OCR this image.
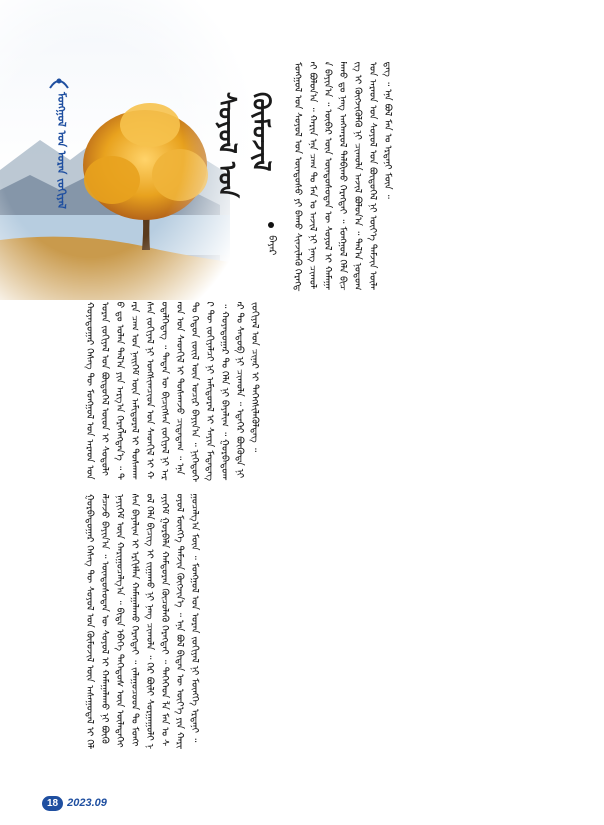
ᠮᠣᠩᠭᠣᠯ ᠤᠨ ᠤᠷᠠᠨ ᠵᠣᠬᠢᠶᠠᠯ	ᠰᠣᠶᠣᠯ ᠤᠨ ᠬᠥᠮᠦᠵᠢᠯ
ᠪᠠᠶᠠᠷ ᠮᠣᠩᠭᠣᠯ ᠤᠨ ᠰᠣᠶᠣᠯ ᠤᠨ ᠦᠨᠳᠦᠰᠦ ᠶᠢ ᠪᠠᠬᠤ ᠰᠢᠨᠵᠢᠯᠡᠬᠦ ᠬᠡᠷᠡᠭᠲᠡᠢ ᠪᠣᠯᠤᠨ᠎ᠠ ᠃ ᠬᠠᠷᠢᠨ ᠡᠨᠡ ᠴᠠᠭ ᠲᠤ ᠮᠠᠨ ᠤ ᠠᠵᠢᠯ ᠨᠢ ᠨᠡᠩ ᠴᠢᠬᠤᠯᠠ ᠪᠠᠶᠢᠨ᠎ᠠ ᠃ ᠥᠪᠡᠷ ᠦᠨ ᠦᠨᠳᠦᠰᠦᠲᠡᠨ ᠦ ᠰᠣᠶᠣᠯ ᠢ ᠬᠠᠮᠠᠭᠠᠯᠠᠬᠤ ᠳᠤ ᠨᠡᠩ ᠠᠩᠬᠠᠷᠤᠯ ᠲᠠᠯᠪᠢᠬᠤ ᠬᠡᠷᠡᠭᠲᠡᠢ ᠃ ᠮᠣᠩᠭᠣᠯ ᠬᠡᠯᠡ ᠪᠢᠴᠢᠭ ᠢ ᠬᠥᠭᠵᠢᠭᠦᠯᠬᠦ ᠨᠢ ᠴᠢᠬᠤᠯᠠ ᠠᠵᠢᠯ ᠪᠣᠯᠤᠨ᠎ᠠ ᠃ ᠲᠠᠯ᠎ᠠ ᠨᠤᠲᠤᠭ ᠤᠨ ᠠᠷᠠᠳ ᠤᠨ ᠰᠣᠶᠣᠯ ᠤᠨ ᠪᠦᠲᠦᠭᠡᠯ ᠨᠢ ᠦᠶ᠎ᠡ ᠳᠠᠮᠵᠢᠨ ᠦᠯᠡᠳᠡᠭ ᠃ ᠡᠨᠡ ᠪᠣᠯ ᠮᠠᠨ ᠤ ᠡᠷᠳᠡᠨᠢ ᠮᠥᠨ ᠃

ᠬᠣᠶᠠᠳᠤᠭᠠᠷ ᠬᠡᠰᠡᠭ ᠲᠦ ᠮᠣᠩᠭᠣᠯ ᠤᠨ ᠠᠷᠠᠳ ᠤᠨ ᠤᠷᠠᠨ ᠵᠣᠬᠢᠶᠠᠯ ᠤᠨ ᠪᠦᠲᠦᠭᠡᠯ ᠦᠳ ᠢ ᠰᠤᠳᠤᠯᠬᠤ ᠳᠤ ᠣᠯᠠᠨ ᠲᠠᠯ᠎ᠠ ᠶᠢᠨ ᠠᠷᠭ᠎ᠠ ᠬᠡᠷᠡᠭᠯᠡᠭᠳᠡᠨ᠎ᠡ ᠃ ᠲᠡᠷᠡ ᠴᠠᠭ ᠤᠨ ᠨᠡᠢᠭᠡᠮ ᠦᠨ ᠠᠮᠢᠳᠤᠷᠠᠯ ᠢ ᠲᠤᠰᠬᠠᠭᠰᠠᠨ ᠵᠣᠬᠢᠶᠠᠯ ᠨᠢ ᠤᠩᠰᠢᠭᠴᠢᠳ ᠤᠨ ᠰᠡᠳᠬᠢᠯ ᠢ ᠬᠥᠳᠡᠯᠭᠡᠳᠡᠭ ᠃ ᠲᠡᠳᠡᠨ ᠦ ᠪᠢᠴᠢᠭᠰᠡᠨ ᠵᠣᠬᠢᠶᠠᠯ ᠨᠢ ᠠᠷᠠᠳ ᠤᠨ ᠰᠡᠳᠬᠢᠯ ᠢ ᠲᠤᠰᠬᠠᠵᠤ ᠴᠢᠳᠠᠳᠠᠭ ᠃ ᠡᠨᠡ ᠲᠤ ᠬᠡᠳᠦᠨ ᠵᠦᠢᠯ ᠦᠨ ᠤᠴᠢᠷ ᠪᠠᠶᠢᠨ᠎ᠠ ᠃ ᠨᠢᠭᠡᠳᠦᠭᠡᠷ ᠲᠦ ᠵᠣᠬᠢᠶᠠᠯᠴᠢ ᠨᠢ ᠠᠮᠢᠳᠤᠷᠠᠯ ᠢ ᠰᠠᠶᠢᠨ ᠮᠡᠳᠡᠳᠡᠭ ᠃ ᠬᠣᠶᠠᠳᠤᠭᠠᠷ ᠲᠤ ᠬᠡᠯᠡ ᠨᠢ ᠪᠠᠶᠠᠯᠢᠭ ᠃ ᠭᠤᠷᠪᠠᠳᠤᠭᠠᠷ ᠲᠤ ᠰᠡᠳᠦᠪ ᠨᠢ ᠴᠢᠬᠤᠯᠠ ᠃ ᠡᠳᠡᠭᠡᠷ ᠪᠦᠭᠦᠳᠡ ᠨᠢ ᠵᠣᠬᠢᠶᠠᠯ ᠤᠨ ᠴᠢᠨᠠᠷ ᠢ ᠳᠡᠭᠡᠭᠰᠢᠯᠡᠭᠦᠯᠳᠡᠭ ᠃

ᠭᠤᠷᠪᠠᠳᠤᠭᠠᠷ ᠬᠡᠰᠡᠭ ᠲᠦ ᠰᠣᠶᠣᠯ ᠤᠨ ᠬᠥᠮᠦᠵᠢᠯ ᠦᠨ ᠠᠰᠠᠭᠤᠳᠠᠯ ᠢ ᠬᠡᠯᠡᠯᠴᠡᠵᠦ ᠪᠠᠶᠢᠨ᠎ᠠ ᠃ ᠦᠨᠳᠦᠰᠦᠲᠡᠨ ᠦ ᠰᠣᠶᠣᠯ ᠢ ᠬᠠᠮᠠᠭᠠᠯᠠᠬᠤ ᠨᠢ ᠪᠦᠬᠦ ᠨᠡᠶᠢᠭᠡᠮ ᠦᠨ ᠬᠠᠷᠢᠭᠤᠴᠠᠯᠭ᠎ᠠ ᠃ ᠪᠢᠳᠡ ᠡᠪᠡᠭᠡ ᠳᠡᠭᠡᠳᠦᠰ ᠦᠨ ᠦᠯᠡᠳᠡᠭᠡᠭᠰᠡᠨ ᠪᠠᠶᠠᠯᠢᠭ ᠢ ᠡᠷᠬᠢᠮᠯᠡᠨ ᠬᠠᠮᠠᠭᠠᠯᠠᠬᠤ ᠬᠡᠷᠡᠭᠲᠡᠢ ᠃ ᠵᠠᠯᠠᠭᠤᠴᠤᠳ ᠲᠤ ᠮᠣᠩᠭᠣᠯ ᠬᠡᠯᠡ ᠪᠢᠴᠢᠭ ᠢ ᠵᠢᠭᠠᠬᠤ ᠨᠢ ᠨᠡᠩ ᠴᠢᠬᠤᠯᠠ ᠃ ᠭᠡᠷ ᠪᠦᠯᠢ ᠰᠤᠷᠭᠠᠭᠤᠯᠢ ᠨᠡᠶᠢᠭᠡᠮ ᠭᠤᠷᠪᠠᠯᠠ ᠬᠠᠮᠲᠤᠷᠠᠨ ᠬᠦᠴᠦᠯᠡᠬᠦ ᠬᠡᠷᠡᠭᠲᠡᠢ ᠃ ᠲᠡᠭᠡᠭᠡᠳ ᠯᠡ ᠮᠠᠨ ᠤ ᠰᠣᠶᠣᠯ ᠮᠥᠩᠬᠡ ᠳᠠᠮᠵᠢᠨ ᠬᠥᠭᠵᠢᠨ᠎ᠡ ᠃ ᠡᠨᠡ ᠪᠣᠯ ᠪᠢᠳᠡᠨ ᠦ ᠦᠶ᠎ᠡ ᠶᠢᠨ ᠬᠠᠷᠢᠭᠤᠴᠠᠯᠭ᠎ᠠ ᠮᠥᠨ ᠃ ᠮᠣᠩᠭᠣᠯ ᠤᠨ ᠤᠷᠠᠨ ᠵᠣᠬᠢᠶᠠᠯ ᠨᠢ ᠮᠥᠩᠬᠡ ᠡᠷᠳᠡᠨᠢ ᠃

18 2023.09
